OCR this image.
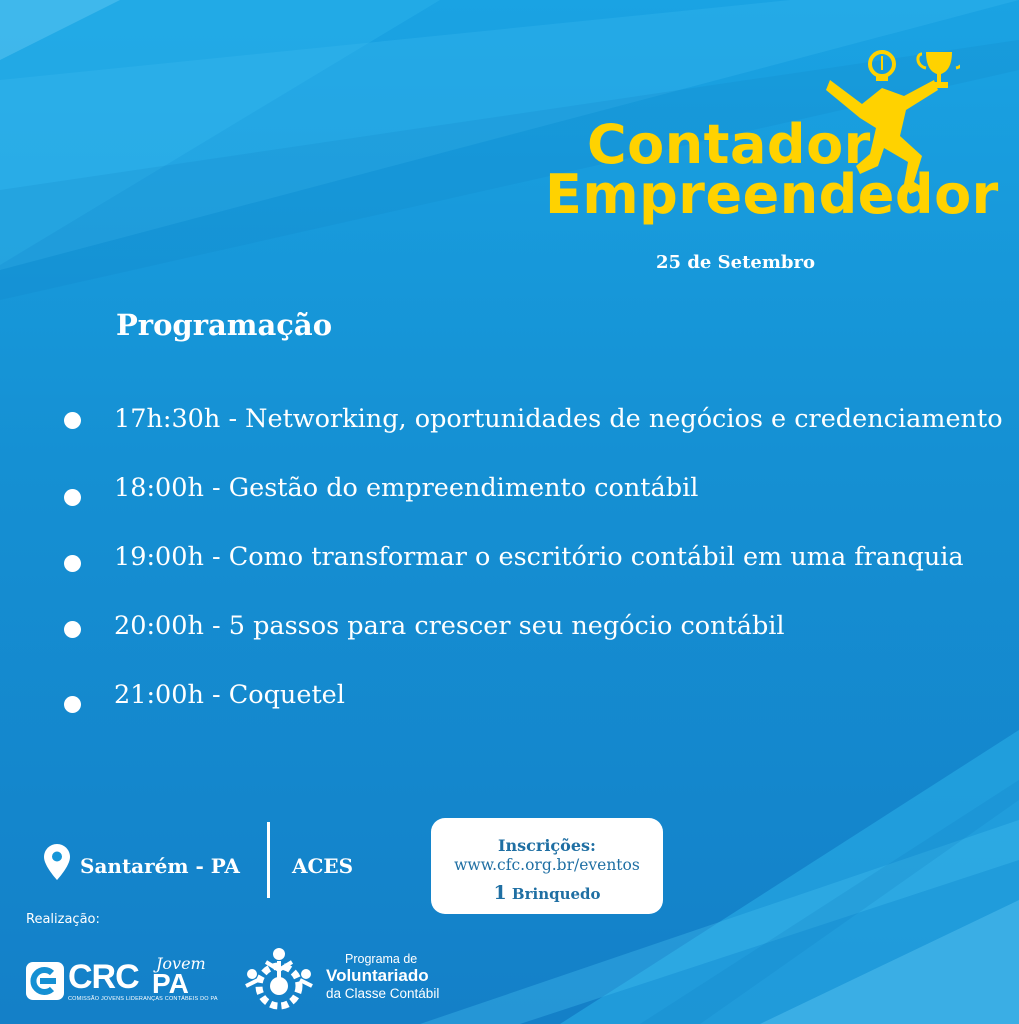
Contador
Empreendedor
25 de Setembro
Programação
17h:30h - Networking, oportunidades de negócios e credenciamento
18:00h - Gestão do empreendimento contábil
19:00h - Como transformar o escritório contábil em uma franquia
20:00h - 5 passos para crescer seu negócio contábil
21:00h - Coquetel
Santarém - PA	ACES
Inscrições:
www.cfc.org.br/eventos
1 Brinquedo
Realização:
CRC Jovem
PA
COMISSÃO JOVENS LIDERANÇAS CONTÁBEIS DO PA
Programa de
Voluntariado
da Classe Contábil
